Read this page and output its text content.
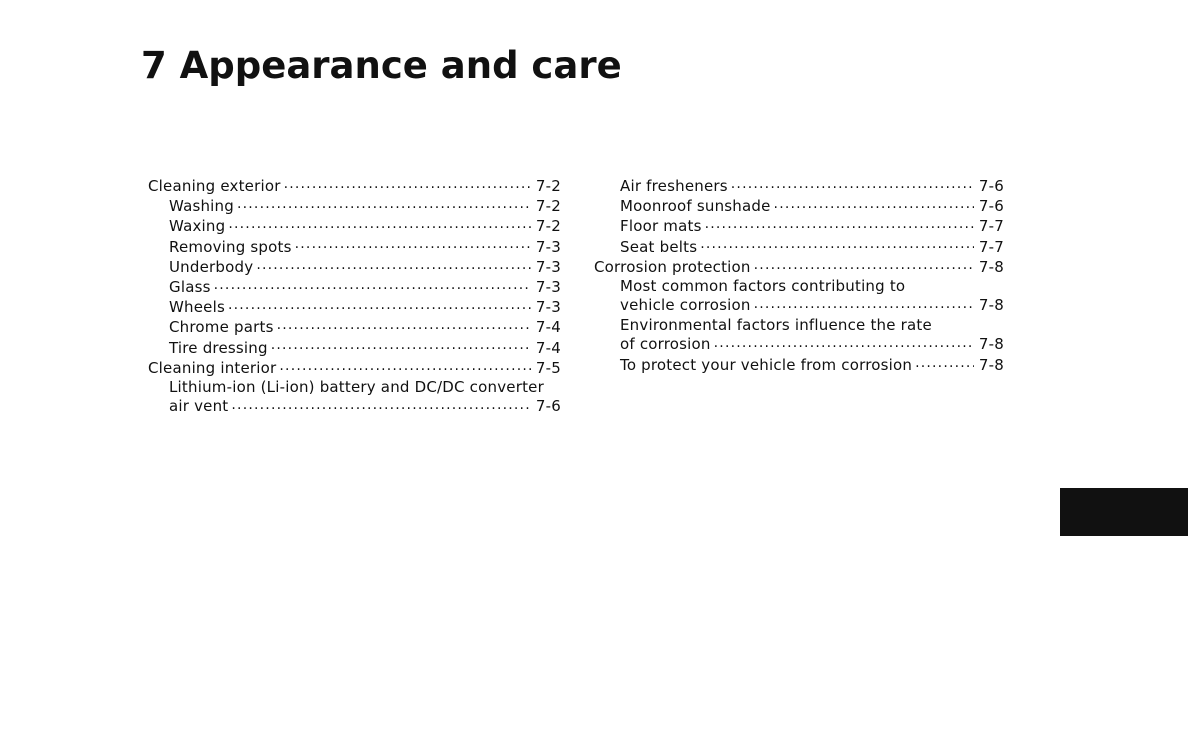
7 Appearance and care
Cleaning exterior .....	7-2
Washing .....	7-2
Waxing .....	7-2
Removing spots .....	7-3
Underbody .....	7-3
Glass .....	7-3
Wheels .....	7-3
Chrome parts .....	7-4
Tire dressing .....	7-4
Cleaning interior .....	7-5
Lithium-ion (Li-ion) battery and DC/DC converter
air vent .....	7-6
Air fresheners .....	7-6
Moonroof sunshade .....	7-6
Floor mats .....	7-7
Seat belts .....	7-7
Corrosion protection .....	7-8
Most common factors contributing to
vehicle corrosion .....	7-8
Environmental factors influence the rate
of corrosion .....	7-8
To protect your vehicle from corrosion .....	7-8
